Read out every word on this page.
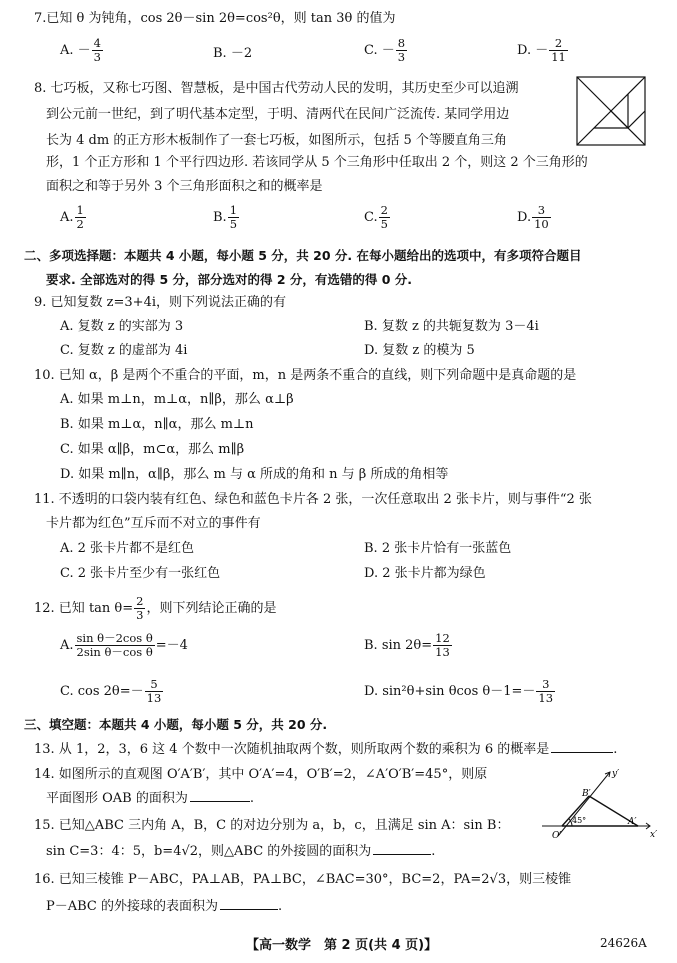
7.已知 θ 为钝角，cos 2θ－sin 2θ=cos²θ，则 tan 3θ 的值为
A. － $\frac{4}{3}$	B. －2	C. － $\frac{8}{3}$	D. － $\frac{2}{11}$
8. 七巧板，又称七巧图、智慧板，是中国古代劳动人民的发明，其历史至少可以追溯
到公元前一世纪，到了明代基本定型，于明、清两代在民间广泛流传. 某同学用边
长为 4 dm 的正方形木板制作了一套七巧板，如图所示，包括 5 个等腰直角三角
形，1 个正方形和 1 个平行四边形. 若该同学从 5 个三角形中任取出 2 个，则这 2 个三角形的
面积之和等于另外 3 个三角形面积之和的概率是
A. $\frac{1}{2}$	B. $\frac{1}{5}$	C. $\frac{2}{5}$	D. $\frac{3}{10}$
二、多项选择题：本题共 4 小题，每小题 5 分，共 20 分. 在每小题给出的选项中，有多项符合题目
要求. 全部选对的得 5 分，部分选对的得 2 分，有选错的得 0 分.
9. 已知复数 z=3+4i，则下列说法正确的有
A. 复数 z 的实部为 3	B. 复数 z 的共轭复数为 3－4i
C. 复数 z 的虚部为 4i	D. 复数 z 的模为 5
10. 已知 α，β 是两个不重合的平面，m，n 是两条不重合的直线，则下列命题中是真命题的是
A. 如果 m⊥n，m⊥α，n∥β，那么 α⊥β
B. 如果 m⊥α，n∥α，那么 m⊥n
C. 如果 α∥β，m⊂α，那么 m∥β
D. 如果 m∥n，α∥β，那么 m 与 α 所成的角和 n 与 β 所成的角相等
11. 不透明的口袋内装有红色、绿色和蓝色卡片各 2 张，一次任意取出 2 张卡片，则与事件“2 张
卡片都为红色”互斥而不对立的事件有
A. 2 张卡片都不是红色	B. 2 张卡片恰有一张蓝色
C. 2 张卡片至少有一张红色	D. 2 张卡片都为绿色
12. 已知 $\tan \theta= \frac{2}{3}$ ，则下列结论正确的是
A. $\frac{\text{sin θ－2cos θ}}{\text{2sin θ－cos θ}} =-4$	B. $\sin 2\theta= \frac{12}{13}$
C. $\cos 2\theta=- \frac{5}{13}$	D. sin²θ+sin θcos $\theta-1=- \frac{3}{13}$
三、填空题：本题共 4 小题，每小题 5 分，共 20 分.
13. 从 1，2，3，6 这 4 个数中一次随机抽取两个数，则所取两个数的乘积为 6 的概率是	.
14. 如图所示的直观图 O′A′B′，其中 O′A′=4，O′B′=2，∠A′O′B′=45°，则原
平面图形 OAB 的面积为	.
y′
x′
B′
O′
A′
45°
15. 已知△ABC 三内角 A，B，C 的对边分别为 a，b，c，且满足 sin A：sin B：
sin C=3：4：5，b=4√2，则△ABC 的外接圆的面积为	.
16. 已知三棱锥 P－ABC，PA⊥AB，PA⊥BC，∠BAC=30°，BC=2，PA=2√3，则三棱锥
P－ABC 的外接球的表面积为	.
【高一数学　第 2 页(共 4 页)】	24626A
